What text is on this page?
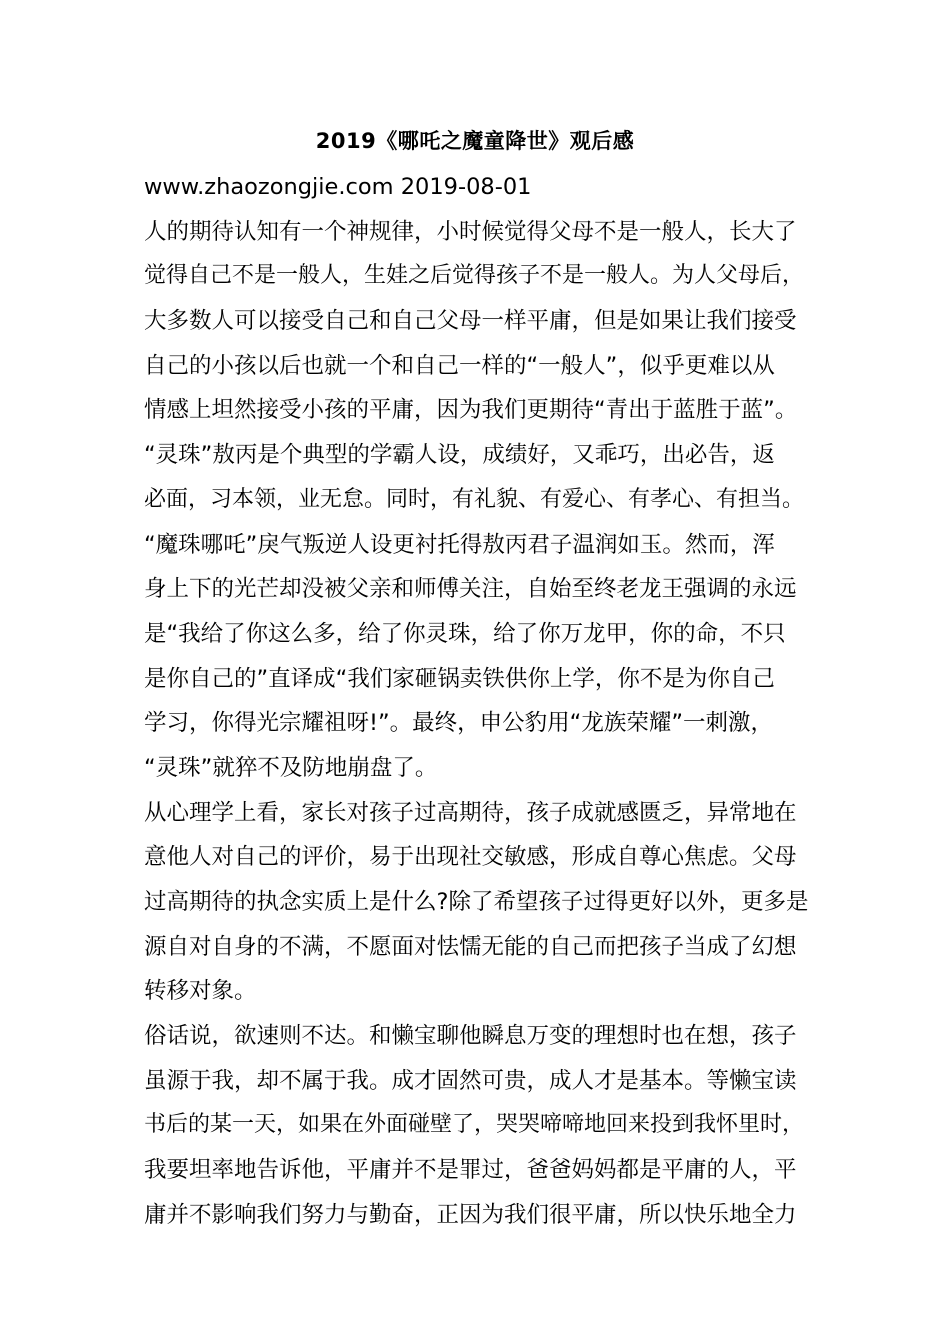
2019《哪吒之魔童降世》观后感
www.zhaozongjie.com 2019-08-01
人的期待认知有一个神规律，小时候觉得父母不是一般人，长大了
觉得自己不是一般人，生娃之后觉得孩子不是一般人。为人父母后，
大多数人可以接受自己和自己父母一样平庸，但是如果让我们接受
自己的小孩以后也就一个和自己一样的“一般人”，似乎更难以从
情感上坦然接受小孩的平庸，因为我们更期待“青出于蓝胜于蓝”。
“灵珠”敖丙是个典型的学霸人设，成绩好，又乖巧，出必告，返
必面，习本领，业无怠。同时，有礼貌、有爱心、有孝心、有担当。
“魔珠哪吒”戾气叛逆人设更衬托得敖丙君子温润如玉。然而，浑
身上下的光芒却没被父亲和师傅关注，自始至终老龙王强调的永远
是“我给了你这么多，给了你灵珠，给了你万龙甲，你的命，不只
是你自己的”直译成“我们家砸锅卖铁供你上学，你不是为你自己
学习，你得光宗耀祖呀!”。最终，申公豹用“龙族荣耀”一刺激，
“灵珠”就猝不及防地崩盘了。
从心理学上看，家长对孩子过高期待，孩子成就感匮乏，异常地在
意他人对自己的评价，易于出现社交敏感，形成自尊心焦虑。父母
过高期待的执念实质上是什么?除了希望孩子过得更好以外，更多是
源自对自身的不满，不愿面对怯懦无能的自己而把孩子当成了幻想
转移对象。
俗话说，欲速则不达。和懒宝聊他瞬息万变的理想时也在想，孩子
虽源于我，却不属于我。成才固然可贵，成人才是基本。等懒宝读
书后的某一天，如果在外面碰壁了，哭哭啼啼地回来投到我怀里时，
我要坦率地告诉他，平庸并不是罪过，爸爸妈妈都是平庸的人，平
庸并不影响我们努力与勤奋，正因为我们很平庸，所以快乐地全力
